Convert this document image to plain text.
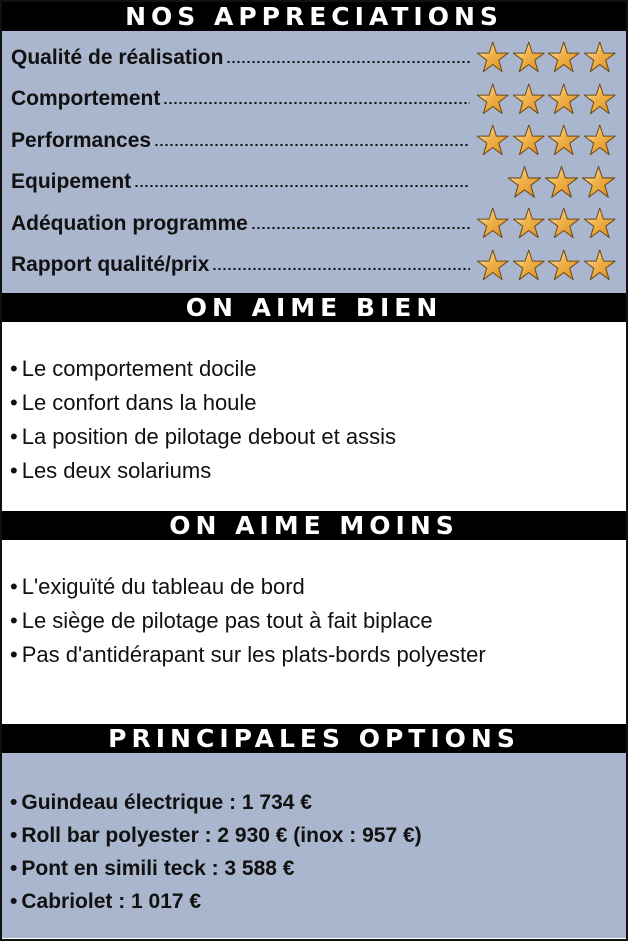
NOS APPRECIATIONS
Qualité de réalisation
Comportement
Performances
Equipement
Adéquation programme
Rapport qualité/prix
ON AIME BIEN
• Le comportement docile
• Le confort dans la houle
• La position de pilotage debout et assis
• Les deux solariums
ON AIME MOINS
• L'exiguïté du tableau de bord
• Le siège de pilotage pas tout à fait biplace
• Pas d'antidérapant sur les plats-bords polyester
PRINCIPALES OPTIONS
• Guindeau électrique : 1 734 €
• Roll bar polyester : 2 930 € (inox : 957 €)
• Pont en simili teck : 3 588 €
• Cabriolet : 1 017 €
